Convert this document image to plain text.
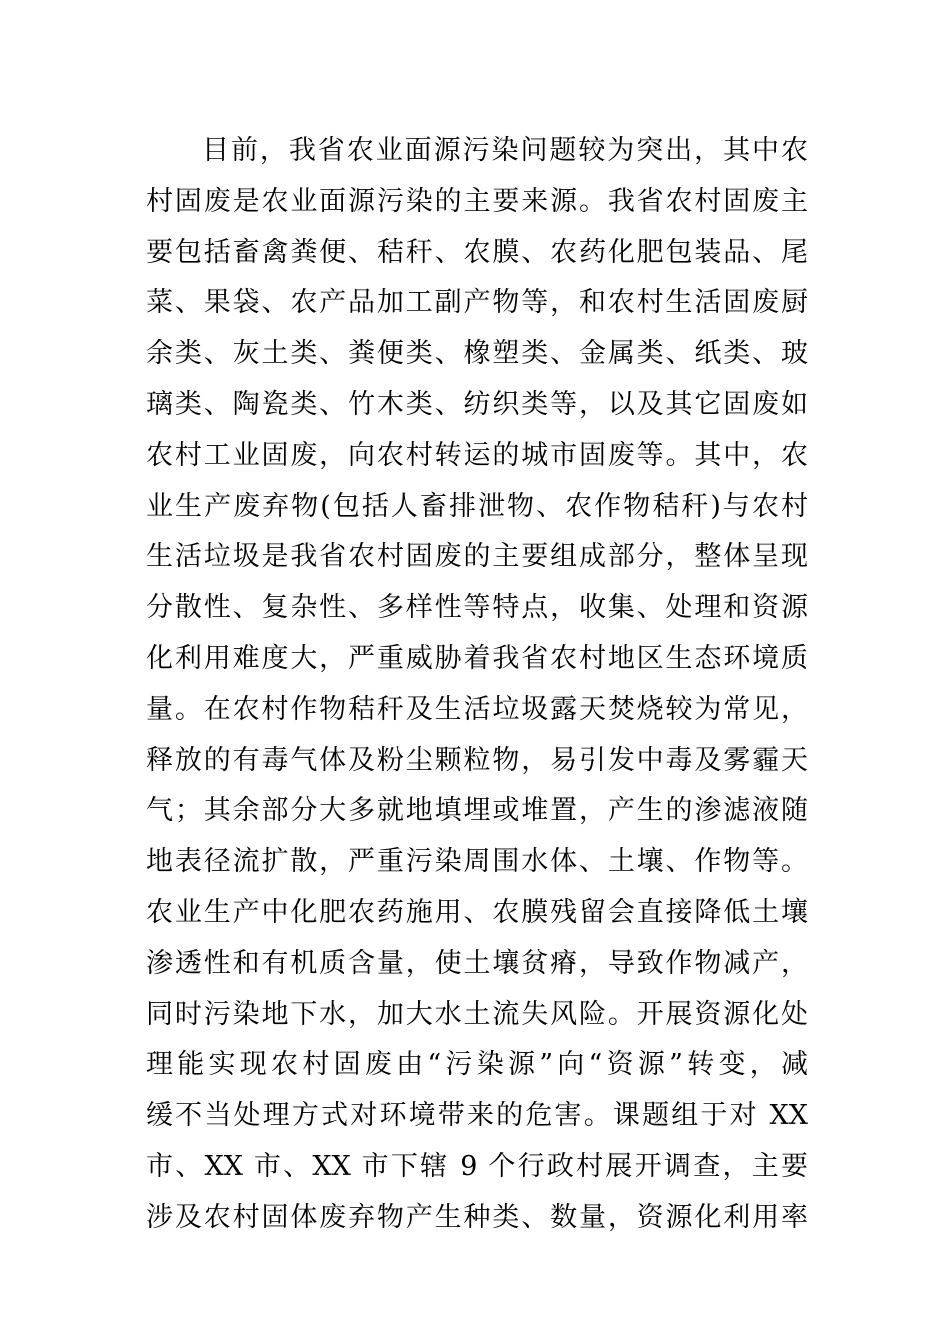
目前，我省农业面源污染问题较为突出，其中农
村固废是农业面源污染的主要来源。我省农村固废主
要包括畜禽粪便、秸秆、农膜、农药化肥包装品、尾
菜、果袋、农产品加工副产物等，和农村生活固废厨
余类、灰土类、粪便类、橡塑类、金属类、纸类、玻
璃类、陶瓷类、竹木类、纺织类等，以及其它固废如
农村工业固废，向农村转运的城市固废等。其中，农
业生产废弃物(包括人畜排泄物、农作物秸秆)与农村
生活垃圾是我省农村固废的主要组成部分，整体呈现
分散性、复杂性、多样性等特点，收集、处理和资源
化利用难度大，严重威胁着我省农村地区生态环境质
量。在农村作物秸秆及生活垃圾露天焚烧较为常见，
释放的有毒气体及粉尘颗粒物，易引发中毒及雾霾天
气；其余部分大多就地填埋或堆置，产生的渗滤液随
地表径流扩散，严重污染周围水体、土壤、作物等。
农业生产中化肥农药施用、农膜残留会直接降低土壤
渗透性和有机质含量，使土壤贫瘠，导致作物减产，
同时污染地下水，加大水土流失风险。开展资源化处
理能实现农村固废由“污染源”向“资源”转变，减
缓不当处理方式对环境带来的危害。课题组于对 XX
市、XX 市、XX 市下辖 9 个行政村展开调查，主要
涉及农村固体废弃物产生种类、数量，资源化利用率
